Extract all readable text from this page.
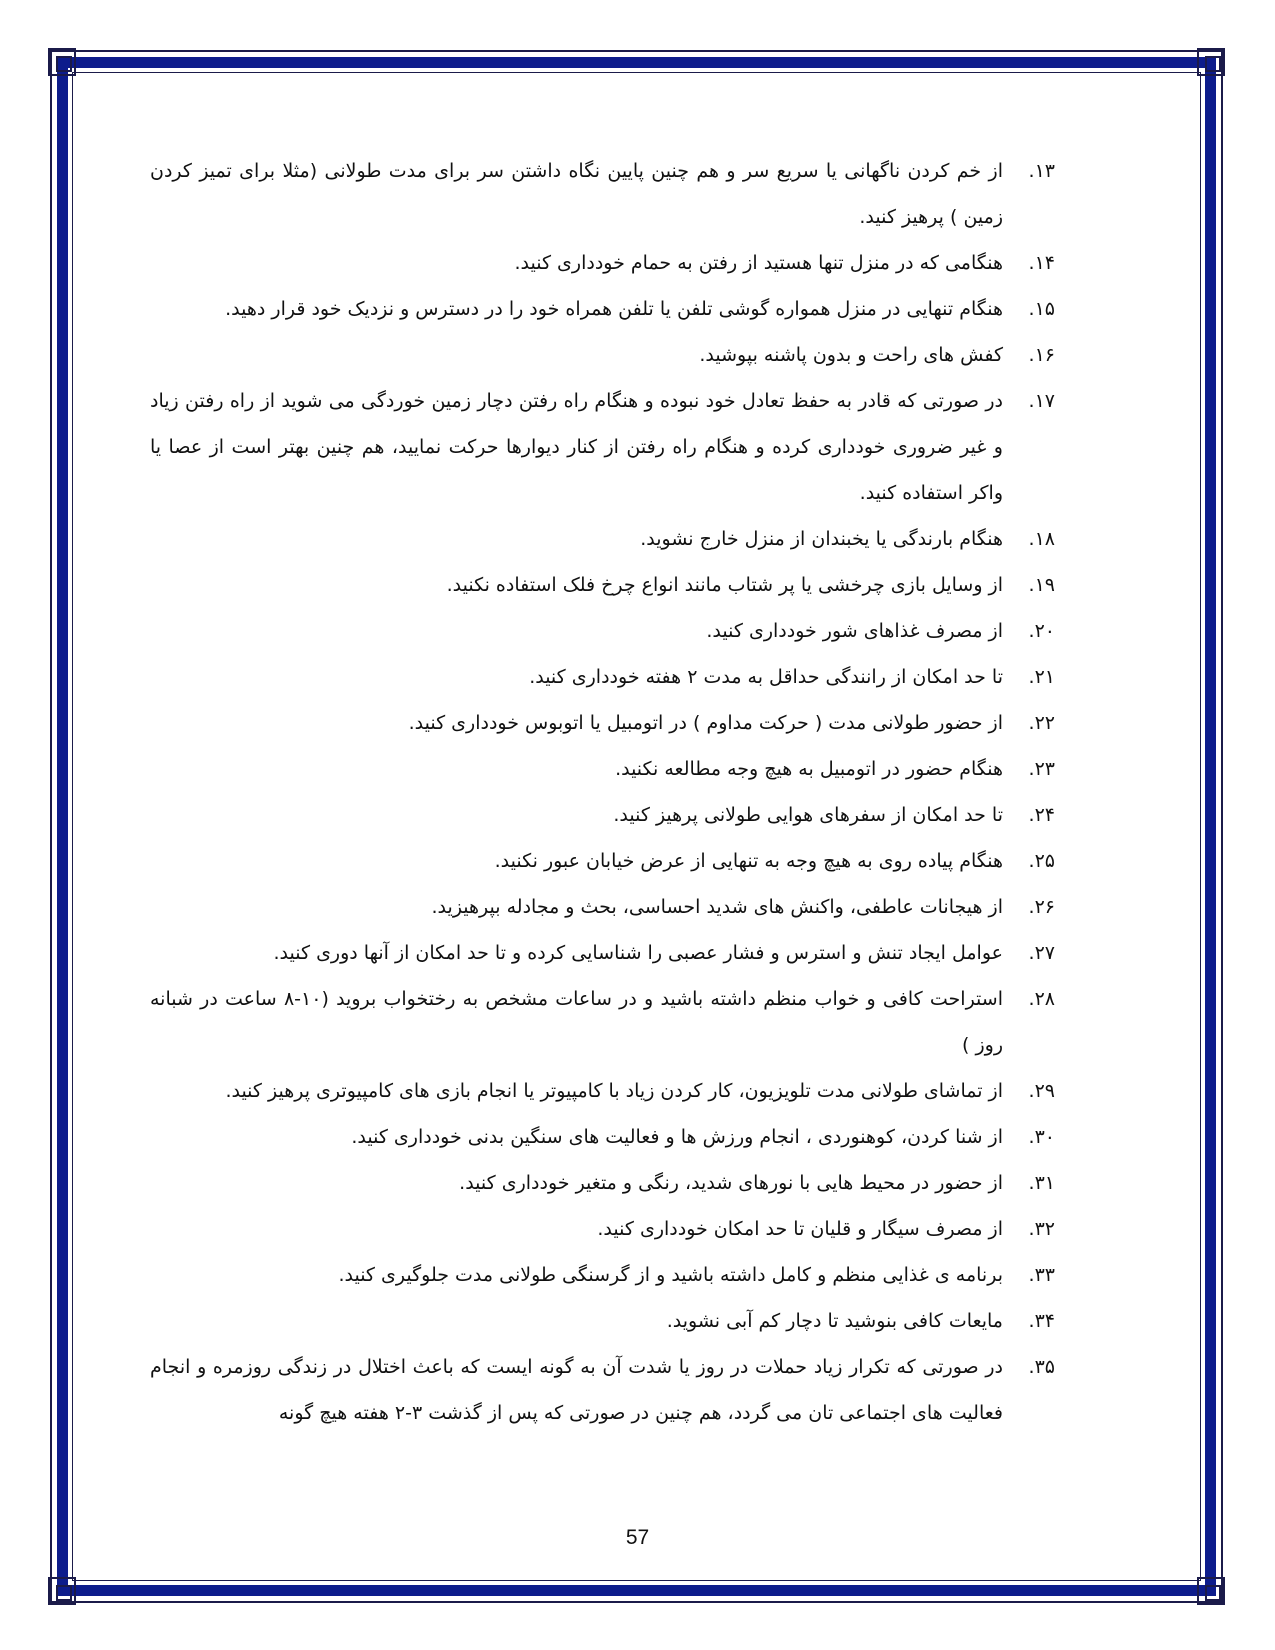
۱۳.
از خم کردن ناگهانی یا سریع سر و هم چنین پایین نگاه داشتن سر برای مدت طولانی (مثلا برای تمیز کردن زمین ) پرهیز کنید.
۱۴.
هنگامی که در منزل تنها هستید از رفتن به حمام خودداری کنید.
۱۵.
هنگام تنهایی در منزل همواره گوشی تلفن یا تلفن همراه خود را در دسترس و نزدیک خود قرار دهید.
۱۶.
کفش های راحت و بدون پاشنه بپوشید.
۱۷.
در صورتی که قادر به حفظ تعادل خود نبوده و هنگام راه رفتن دچار زمین خوردگی می شوید از راه رفتن زیاد و غیر ضروری خودداری کرده و هنگام راه رفتن از کنار دیوارها حرکت نمایید، هم چنین بهتر است از عصا یا واکر استفاده کنید.
۱۸.
هنگام بارندگی یا یخبندان از منزل خارج نشوید.
۱۹.
از وسایل بازی چرخشی یا پر شتاب مانند انواع چرخ فلک استفاده نکنید.
۲۰.
از مصرف غذاهای شور خودداری کنید.
۲۱.
تا حد امکان از رانندگی حداقل به مدت ۲ هفته خودداری کنید.
۲۲.
از حضور طولانی مدت ( حرکت مداوم ) در اتومبیل یا اتوبوس خودداری کنید.
۲۳.
هنگام حضور در اتومبیل به هیچ وجه مطالعه نکنید.
۲۴.
تا حد امکان از سفرهای هوایی طولانی پرهیز کنید.
۲۵.
هنگام پیاده روی به هیچ وجه به تنهایی از عرض خیابان عبور نکنید.
۲۶.
از هیجانات عاطفی، واکنش های شدید احساسی، بحث و مجادله بپرهیزید.
۲۷.
عوامل ایجاد تنش و استرس و فشار عصبی را شناسایی کرده و تا حد امکان از آنها دوری کنید.
۲۸.
استراحت کافی و خواب منظم داشته باشید و در ساعات مشخص به رختخواب بروید (۱۰-۸ ساعت در شبانه روز )
۲۹.
از تماشای طولانی مدت تلویزیون، کار کردن زیاد با کامپیوتر یا انجام بازی های کامپیوتری پرهیز کنید.
۳۰.
از شنا کردن، کوهنوردی ، انجام ورزش ها و فعالیت های سنگین بدنی خودداری کنید.
۳۱.
از حضور در محیط هایی با نورهای شدید، رنگی و متغیر خودداری کنید.
۳۲.
از مصرف سیگار و قلیان تا حد امکان خودداری کنید.
۳۳.
برنامه ی غذایی منظم و کامل داشته باشید و از گرسنگی طولانی مدت جلوگیری کنید.
۳۴.
مایعات کافی بنوشید تا دچار کم آبی نشوید.
۳۵.
در صورتی که تکرار زیاد حملات در روز یا شدت آن به گونه ایست که باعث اختلال در زندگی روزمره و انجام فعالیت های اجتماعی تان می گردد، هم چنین در صورتی که پس از گذشت ۳-۲ هفته هیچ گونه
57
